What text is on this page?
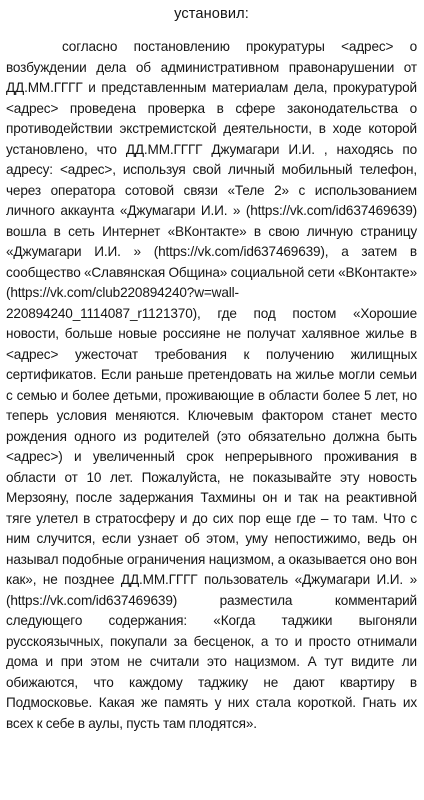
установил:

согласно постановлению прокуратуры <адрес> о возбуждении дела об административном правонарушении от ДД.ММ.ГГГГ и представленным материалам дела, прокуратурой <адрес> проведена проверка в сфере законодательства о противодействии экстремистской деятельности, в ходе которой установлено, что ДД.ММ.ГГГГ Джумагари И.И. , находясь по адресу: <адрес>, используя свой личный мобильный телефон, через оператора сотовой связи «Теле 2» с использованием личного аккаунта «Джумагари И.И. » (https://vk.com/id637469639) вошла в сеть Интернет «ВКонтакте» в свою личную страницу «Джумагари И.И. » (https://vk.com/id637469639), а затем в сообщество «Славянская Община» социальной сети «ВКонтакте» (https://vk.com/club220894240?w=wall-220894240_1114087_r1121370), где под постом «Хорошие новости, больше новые россияне не получат халявное жилье в <адрес> ужесточат требования к получению жилищных сертификатов. Если раньше претендовать на жилье могли семьи с семью и более детьми, проживающие в области более 5 лет, но теперь условия меняются. Ключевым фактором станет место рождения одного из родителей (это обязательно должна быть <адрес>) и увеличенный срок непрерывного проживания в области от 10 лет. Пожалуйста, не показывайте эту новость Мерзояну, после задержания Тахмины он и так на реактивной тяге улетел в стратосферу и до сих пор еще где – то там. Что с ним случится, если узнает об этом, уму непостижимо, ведь он называл подобные ограничения нацизмом, а оказывается оно вон как», не позднее ДД.ММ.ГГГГ пользователь «Джумагари И.И. » (https://vk.com/id637469639) разместила комментарий следующего содержания: «Когда таджики выгоняли русскоязычных, покупали за бесценок, а то и просто отнимали дома и при этом не считали это нацизмом. А тут видите ли обижаются, что каждому таджику не дают квартиру в Подмосковье. Какая же память у них стала короткой. Гнать их всех к себе в аулы, пусть там плодятся».
